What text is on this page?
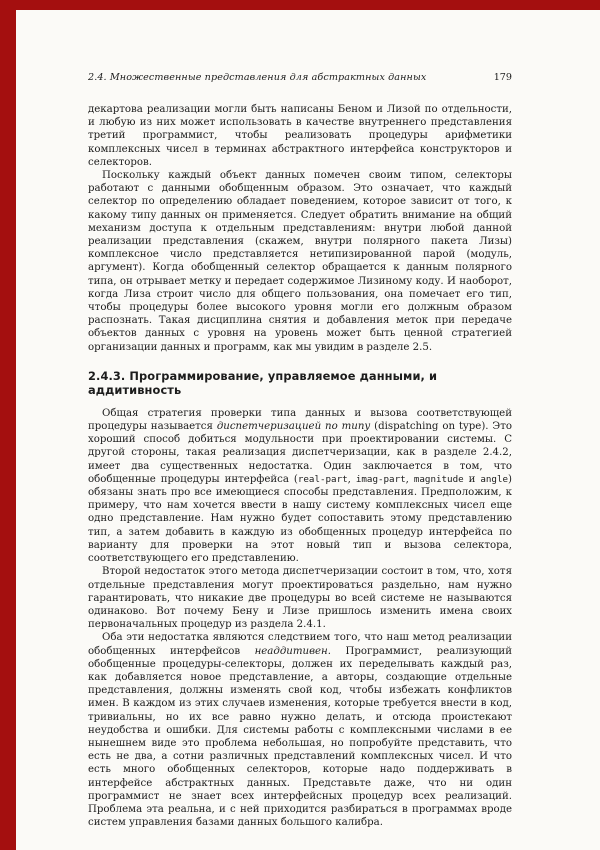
2.4. Множественные представления для абстрактных данных	179

декартова реализации могли быть написаны Беном и Лизой по отдельности, и любую из них может использовать в качестве внутреннего представления третий программист, чтобы реализовать процедуры арифметики комплексных чисел в терминах абстрактного интерфейса конструкторов и селекторов.

Поскольку каждый объект данных помечен своим типом, селекторы работают с данными обобщенным образом. Это означает, что каждый селектор по определению обладает поведением, которое зависит от того, к какому типу данных он применяется. Следует обратить внимание на общий механизм доступа к отдельным представлениям: внутри любой данной реализации представления (скажем, внутри полярного пакета Лизы) комплексное число представляется нетипизированной парой (модуль, аргумент). Когда обобщенный селектор обращается к данным полярного типа, он отрывает метку и передает содержимое Лизиному коду. И наоборот, когда Лиза строит число для общего пользования, она помечает его тип, чтобы процедуры более высокого уровня могли его должным образом распознать. Такая дисциплина снятия и добавления меток при передаче объектов данных с уровня на уровень может быть ценной стратегией организации данных и программ, как мы увидим в разделе 2.5.

2.4.3. Программирование, управляемое данными, и аддитивность

Общая стратегия проверки типа данных и вызова соответствующей процедуры называется диспетчеризацией по типу (dispatching on type). Это хороший способ добиться модульности при проектировании системы. С другой стороны, такая реализация диспетчеризации, как в разделе 2.4.2, имеет два существенных недостатка. Один заключается в том, что обобщенные процедуры интерфейса (real-part, imag-part, magnitude и angle) обязаны знать про все имеющиеся способы представления. Предположим, к примеру, что нам хочется ввести в нашу систему комплексных чисел еще одно представление. Нам нужно будет сопоставить этому представлению тип, а затем добавить в каждую из обобщенных процедур интерфейса по варианту для проверки на этот новый тип и вызова селектора, соответствующего его представлению.

Второй недостаток этого метода диспетчеризации состоит в том, что, хотя отдельные представления могут проектироваться раздельно, нам нужно гарантировать, что никакие две процедуры во всей системе не называются одинаково. Вот почему Бену и Лизе пришлось изменить имена своих первоначальных процедур из раздела 2.4.1.

Оба эти недостатка являются следствием того, что наш метод реализации обобщенных интерфейсов неаддитивен. Программист, реализующий обобщенные процедуры-селекторы, должен их переделывать каждый раз, как добавляется новое представление, а авторы, создающие отдельные представления, должны изменять свой код, чтобы избежать конфликтов имен. В каждом из этих случаев изменения, которые требуется внести в код, тривиальны, но их все равно нужно делать, и отсюда проистекают неудобства и ошибки. Для системы работы с комплексными числами в ее нынешнем виде это проблема небольшая, но попробуйте представить, что есть не два, а сотни различных представлений комплексных чисел. И что есть много обобщенных селекторов, которые надо поддерживать в интерфейсе абстрактных данных. Представьте даже, что ни один программист не знает всех интерфейсных процедур всех реализаций. Проблема эта реальна, и с ней приходится разбираться в программах вроде систем управления базами данных большого калибра.
